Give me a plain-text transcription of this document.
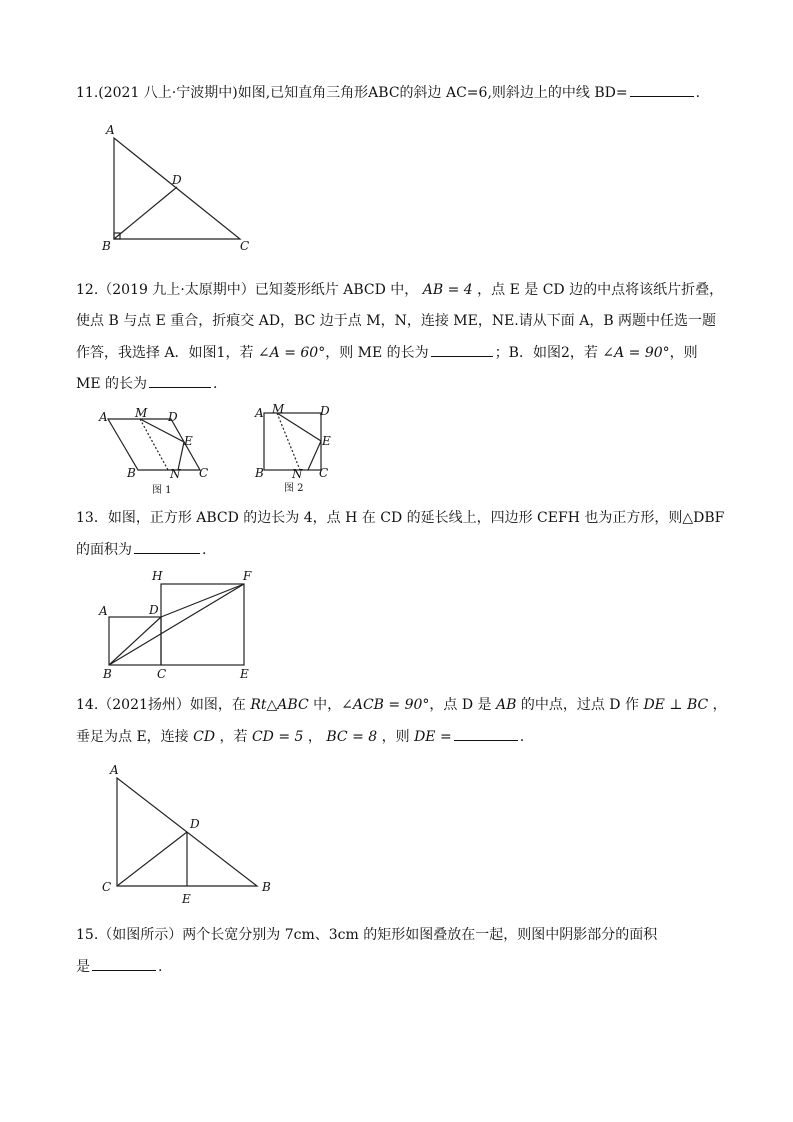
11.(2021 八上·宁波期中)如图,已知直角三角形ABC的斜边 AC=6,则斜边上的中线 BD=	.
A
D
B	C
12.（2019 九上·太原期中）已知菱形纸片 ABCD 中， AB = 4 ，点 E 是 CD 边的中点将该纸片折叠，
使点 B 与点 E 重合，折痕交 AD，BC 边于点 M，N，连接 ME，NE.请从下面 A，B 两题中任选一题
作答，我选择 A．如图1，若 ∠A = 60°，则 ME 的长为	；B．如图2，若 ∠A = 90°，则
ME 的长为	.
A M D
E
B	N C
图 1
A M	D
E
B N C
图 2
13．如图，正方形 ABCD 的边长为 4，点 H 在 CD 的延长线上，四边形 CEFH 也为正方形，则△DBF
的面积为	.
H	F
A	D
B	C	E
14.（2021扬州）如图，在 Rt△ABC 中，∠ACB = 90°，点 D 是 AB 的中点，过点 D 作 DE ⊥ BC ，
垂足为点 E，连接 CD ，若 CD = 5 ， BC = 8 ，则 DE =	.
A
D
C
E
B
15.（如图所示）两个长宽分别为 7cm、3cm 的矩形如图叠放在一起，则图中阴影部分的面积
是	.
